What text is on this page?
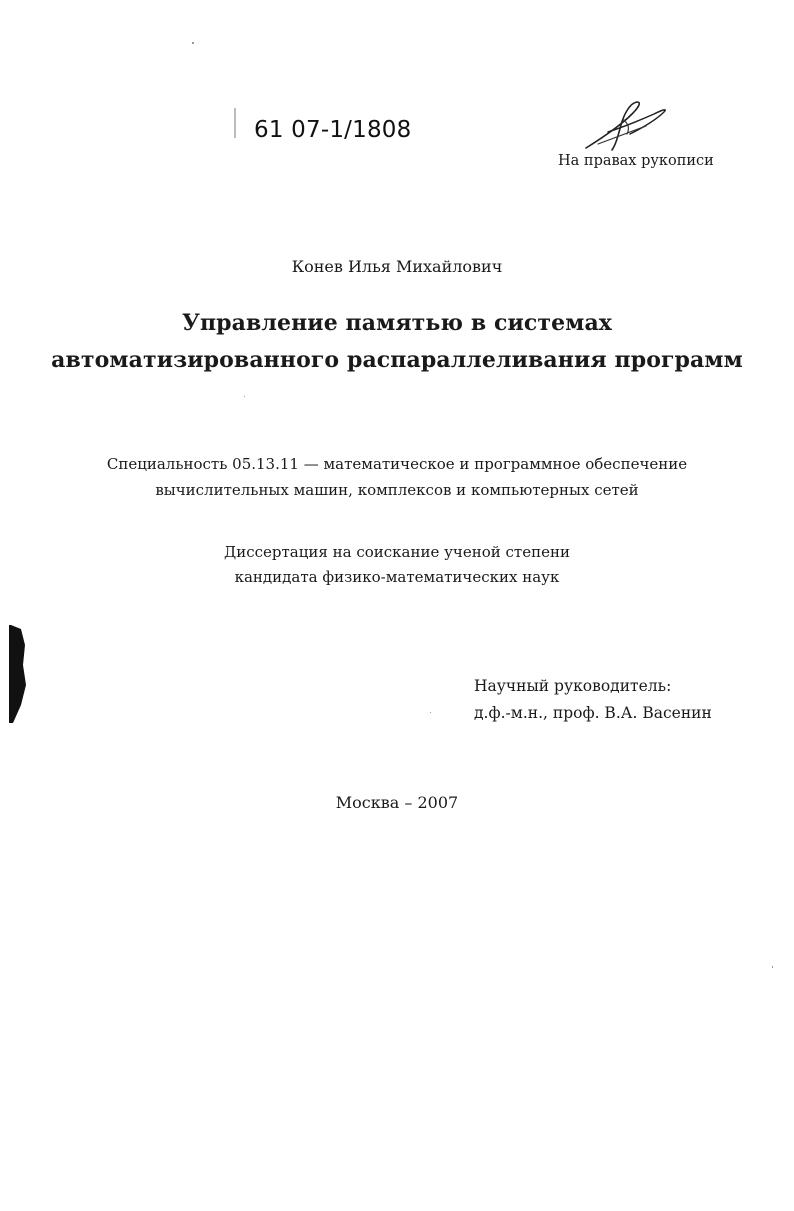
61 07-1/1808
На правах рукописи
Конев Илья Михайлович
Управление памятью в системах
автоматизированного распараллеливания программ
Специальность 05.13.11 — математическое и программное обеспечение
вычислительных машин, комплексов и компьютерных сетей
Диссертация на соискание ученой степени
кандидата физико-математических наук
Научный руководитель:
д.ф.-м.н., проф. В.А. Васенин
Москва – 2007
